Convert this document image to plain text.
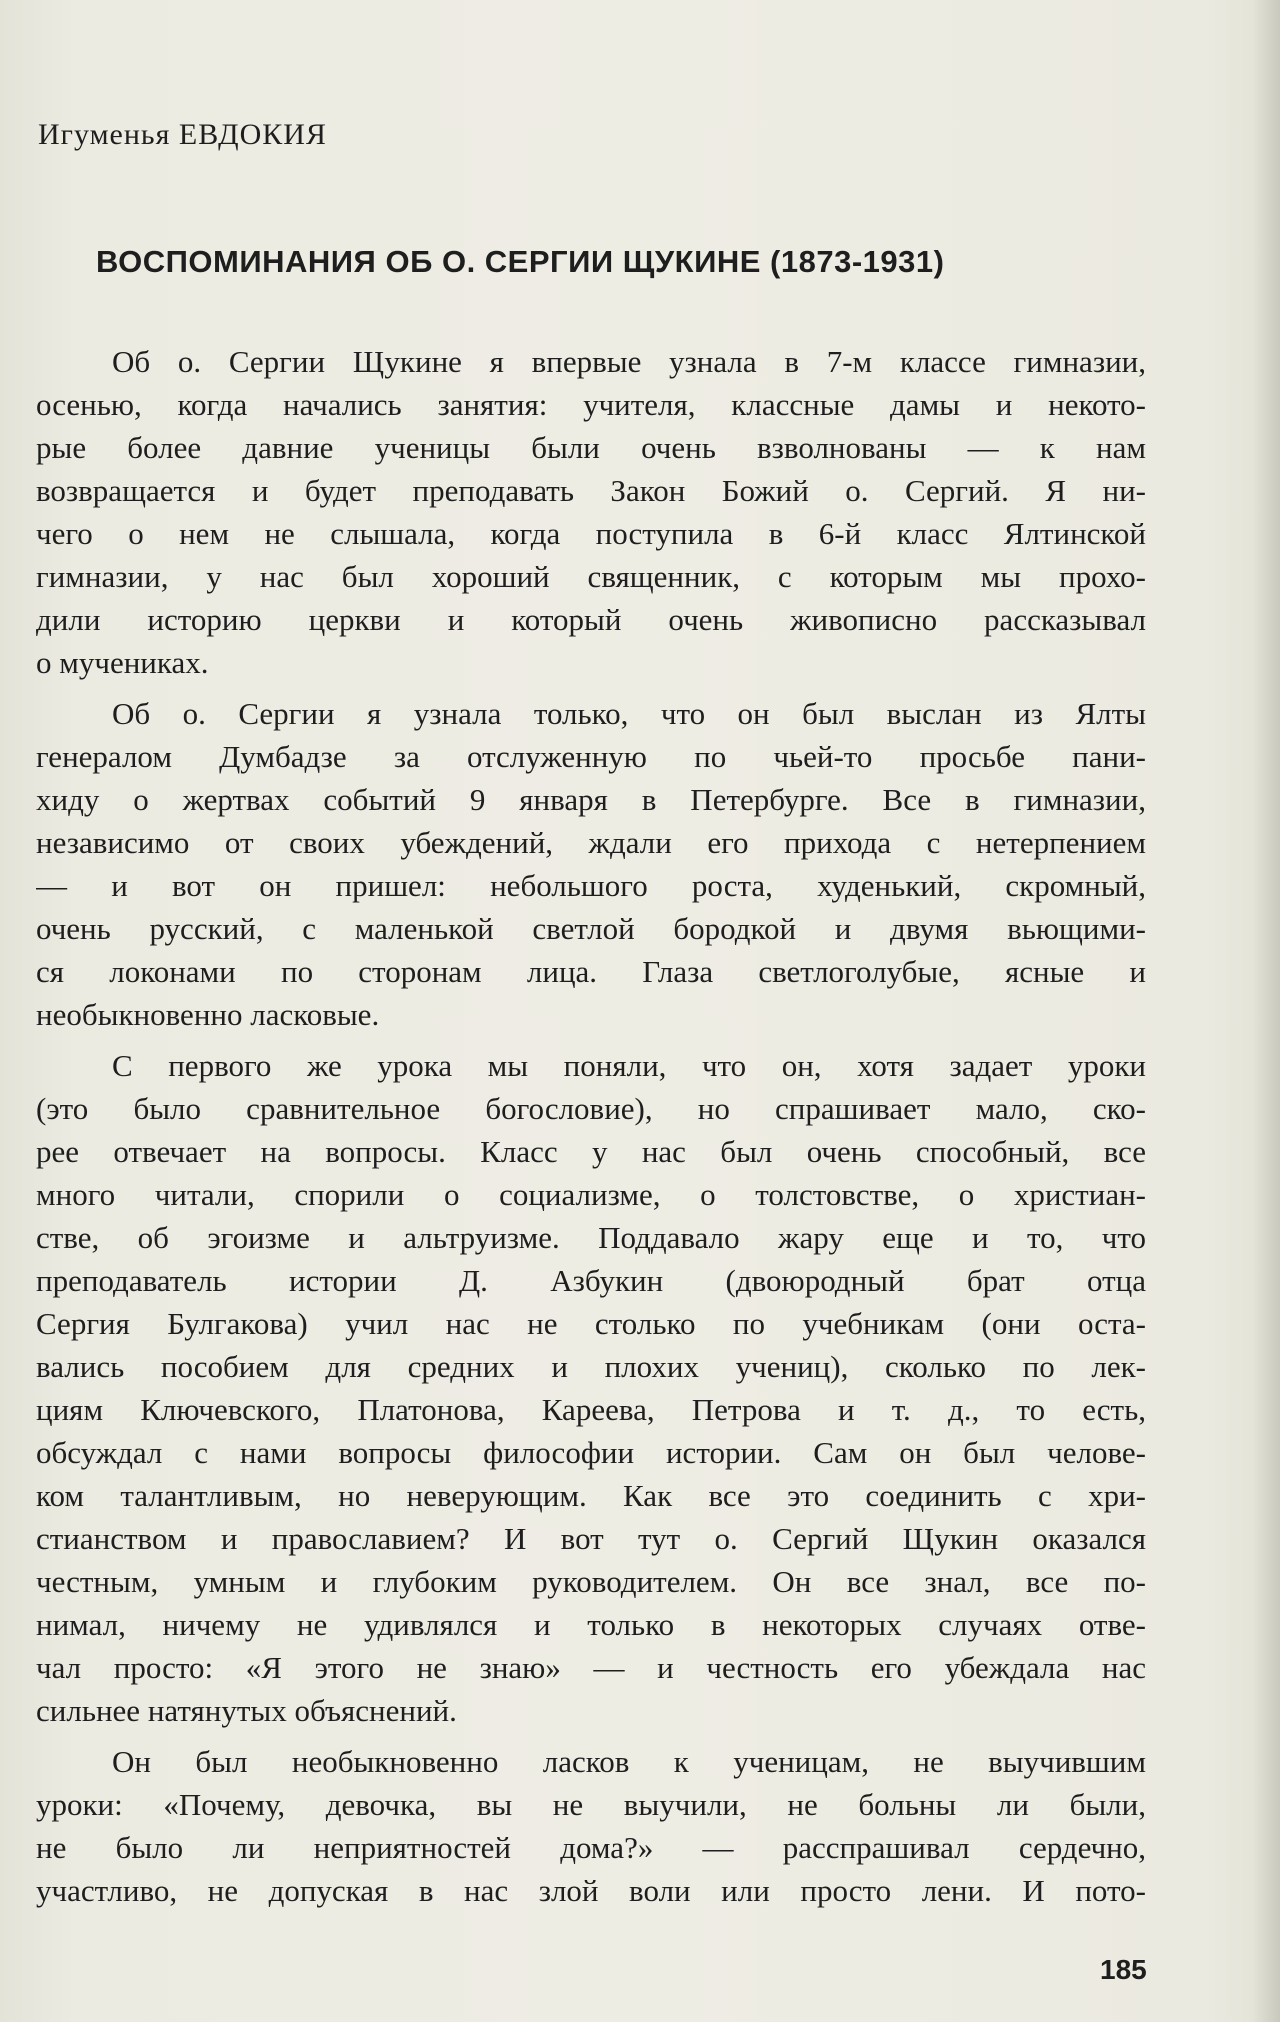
Игуменья ЕВДОКИЯ
ВОСПОМИНАНИЯ ОБ О. СЕРГИИ ЩУКИНЕ (1873-1931)
Об о. Сергии Щукине я впервые узнала в 7-м классе гимназии,
осенью, когда начались занятия: учителя, классные дамы и некото-
рые более давние ученицы были очень взволнованы — к нам
возвращается и будет преподавать Закон Божий о. Сергий. Я ни-
чего о нем не слышала, когда поступила в 6-й класс Ялтинской
гимназии, у нас был хороший священник, с которым мы прохо-
дили историю церкви и который очень живописно рассказывал
о мучениках.
Об о. Сергии я узнала только, что он был выслан из Ялты
генералом Думбадзе за отслуженную по чьей-то просьбе пани-
хиду о жертвах событий 9 января в Петербурге. Все в гимназии,
независимо от своих убеждений, ждали его прихода с нетерпением
— и вот он пришел: небольшого роста, худенький, скромный,
очень русский, с маленькой светлой бородкой и двумя вьющими-
ся локонами по сторонам лица. Глаза светлоголубые, ясные и
необыкновенно ласковые.
С первого же урока мы поняли, что он, хотя задает уроки
(это было сравнительное богословие), но спрашивает мало, ско-
рее отвечает на вопросы. Класс у нас был очень способный, все
много читали, спорили о социализме, о толстовстве, о христиан-
стве, об эгоизме и альтруизме. Поддавало жару еще и то, что
преподаватель истории Д. Азбукин (двоюродный брат отца
Сергия Булгакова) учил нас не столько по учебникам (они оста-
вались пособием для средних и плохих учениц), сколько по лек-
циям Ключевского, Платонова, Кареева, Петрова и т. д., то есть,
обсуждал с нами вопросы философии истории. Сам он был челове-
ком талантливым, но неверующим. Как все это соединить с хри-
стианством и православием? И вот тут о. Сергий Щукин оказался
честным, умным и глубоким руководителем. Он все знал, все по-
нимал, ничему не удивлялся и только в некоторых случаях отве-
чал просто: «Я этого не знаю» — и честность его убеждала нас
сильнее натянутых объяснений.
Он был необыкновенно ласков к ученицам, не выучившим
уроки: «Почему, девочка, вы не выучили, не больны ли были,
не было ли неприятностей дома?» — расспрашивал сердечно,
участливо, не допуская в нас злой воли или просто лени. И пото-
185
